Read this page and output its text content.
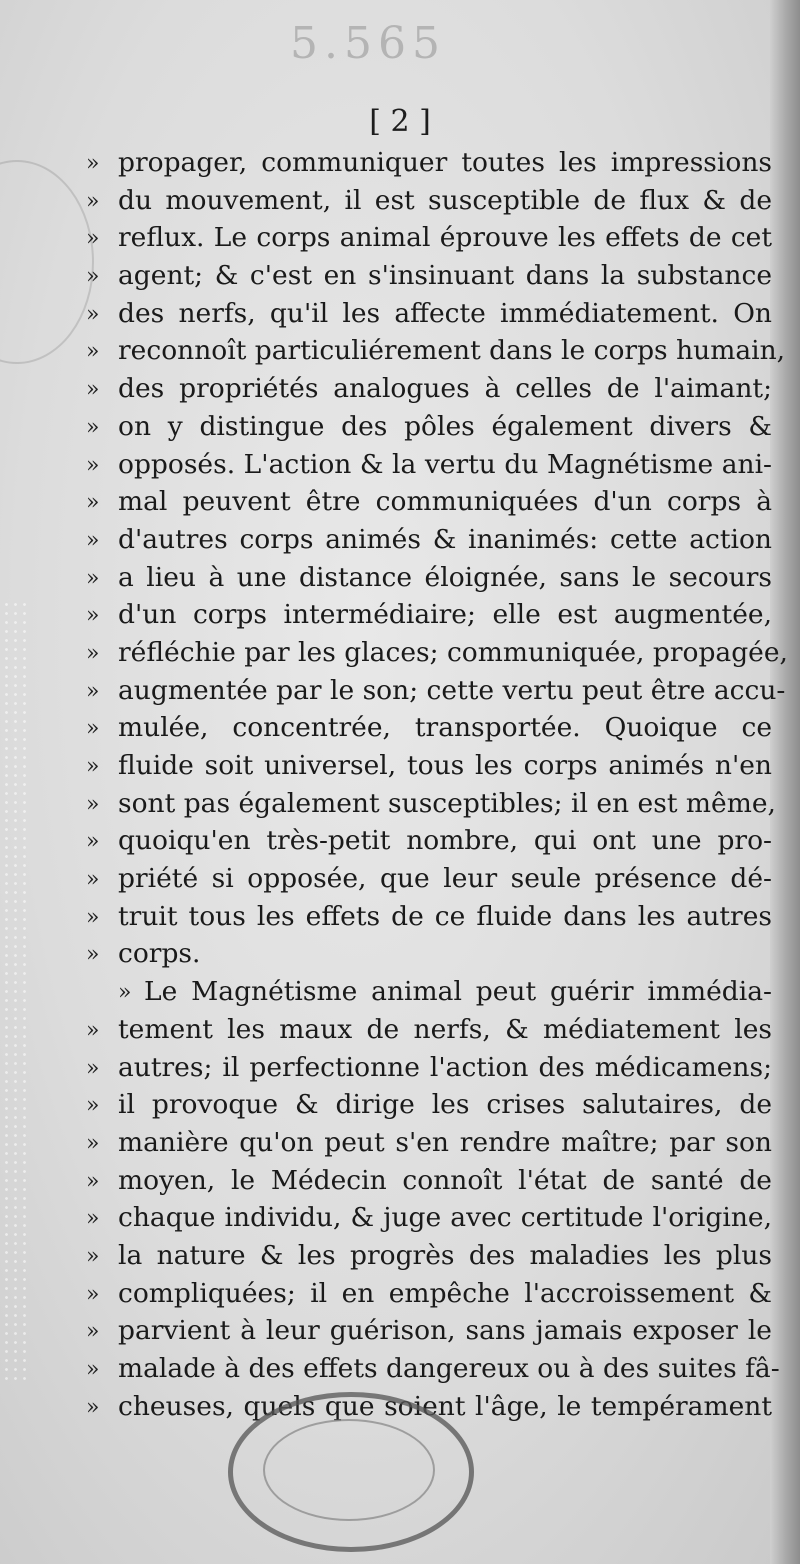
5.565
[ 2 ]
» propager, communiquer toutes les impressions
» du mouvement, il est susceptible de flux & de
» reflux. Le corps animal éprouve les effets de cet
» agent; & c'est en s'insinuant dans la substance
» des nerfs, qu'il les affecte immédiatement. On
» reconnoît particuliérement dans le corps humain,
» des propriétés analogues à celles de l'aimant;
» on y distingue des pôles également divers &
» opposés. L'action & la vertu du Magnétisme ani-
» mal peuvent être communiquées d'un corps à
» d'autres corps animés & inanimés: cette action
» a lieu à une distance éloignée, sans le secours
» d'un corps intermédiaire; elle est augmentée,
» réfléchie par les glaces; communiquée, propagée,
» augmentée par le son; cette vertu peut être accu-
» mulée, concentrée, transportée. Quoique ce
» fluide soit universel, tous les corps animés n'en
» sont pas également susceptibles; il en est même,
» quoiqu'en très-petit nombre, qui ont une pro-
» priété si opposée, que leur seule présence dé-
» truit tous les effets de ce fluide dans les autres
» corps.
» Le Magnétisme animal peut guérir immédia-
» tement les maux de nerfs, & médiatement les
» autres; il perfectionne l'action des médicamens;
» il provoque & dirige les crises salutaires, de
» manière qu'on peut s'en rendre maître; par son
» moyen, le Médecin connoît l'état de santé de
» chaque individu, & juge avec certitude l'origine,
» la nature & les progrès des maladies les plus
» compliquées; il en empêche l'accroissement &
» parvient à leur guérison, sans jamais exposer le
» malade à des effets dangereux ou à des suites fâ-
» cheuses, quels que soient l'âge, le tempérament
